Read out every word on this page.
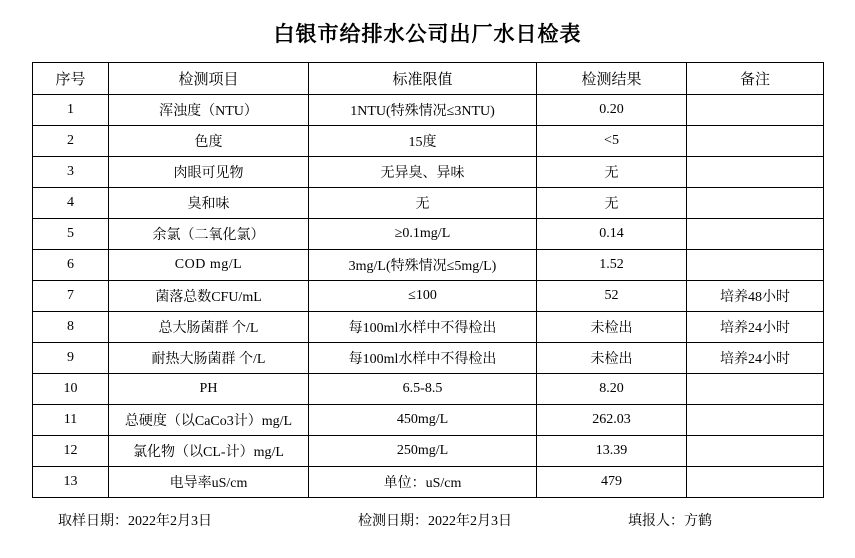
白银市给排水公司出厂水日检表
序号	检测项目	标准限值	检测结果	备注
1	浑浊度（NTU）	1NTU(特殊情况≤3NTU)	0.20	
2	色度	15度	<5	
3	肉眼可见物	无异臭、异味	无	
4	臭和味	无	无	
5	余氯（二氧化氯）	≥0.1mg/L	0.14	
6	COD mg/L	3mg/L(特殊情况≤5mg/L)	1.52	
7	菌落总数CFU/mL	≤100	52	培养48小时
8	总大肠菌群 个/L	每100ml水样中不得检出	未检出	培养24小时
9	耐热大肠菌群 个/L	每100ml水样中不得检出	未检出	培养24小时
10	PH	6.5-8.5	8.20	
11	总硬度（以CaCo3计）mg/L	450mg/L	262.03	
12	氯化物（以CL-计）mg/L	250mg/L	13.39	
13	电导率uS/cm	单位：uS/cm	479	
取样日期：2022年2月3日	检测日期：2022年2月3日	填报人：方鹤
